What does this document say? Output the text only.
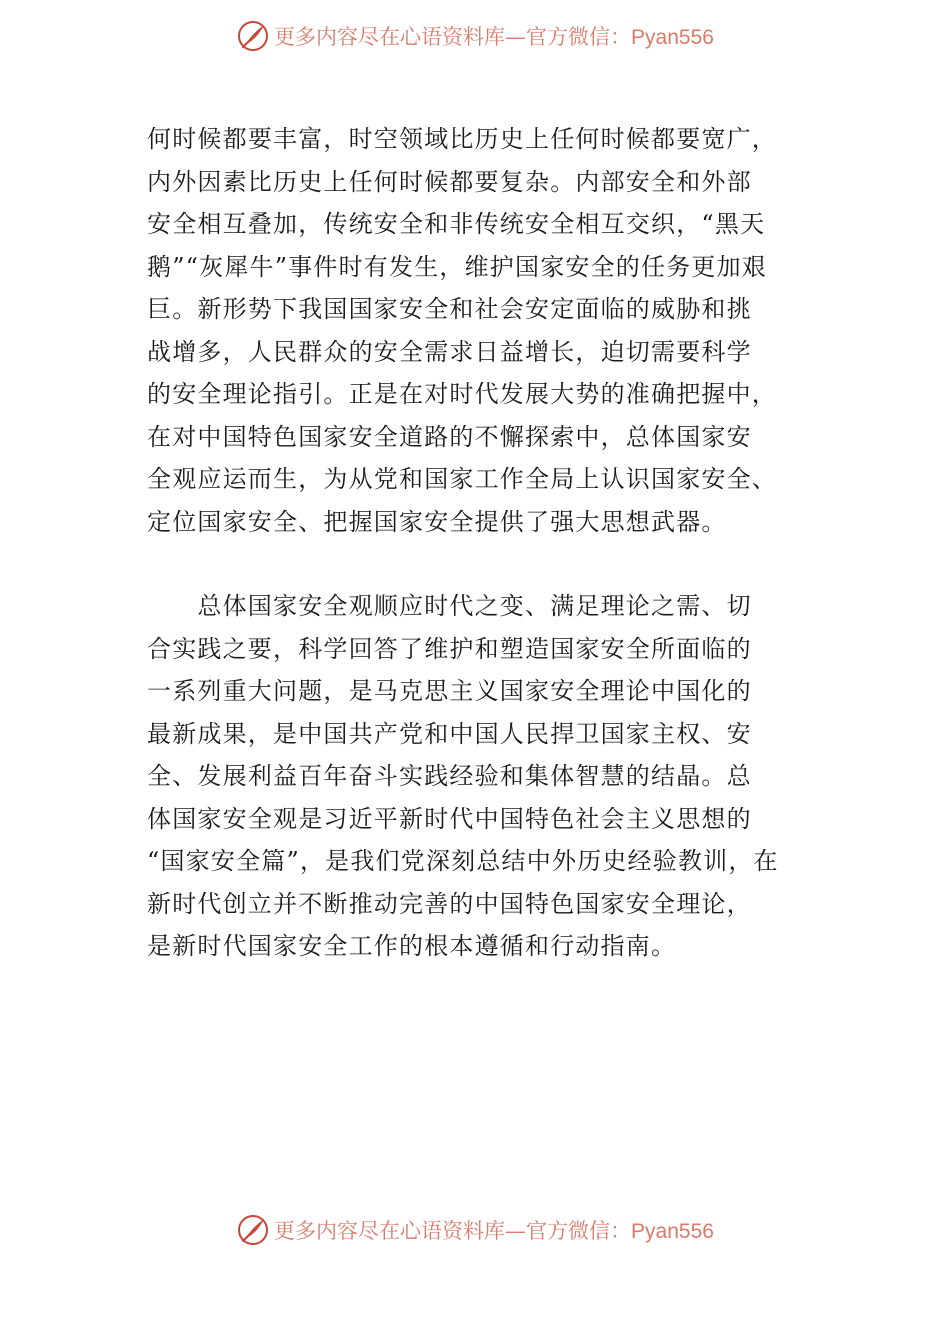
更多内容尽在心语资料库—官方微信：Pyan556
何时候都要丰富，时空领域比历史上任何时候都要宽广，
内外因素比历史上任何时候都要复杂。内部安全和外部
安全相互叠加，传统安全和非传统安全相互交织，“黑天
鹅”“灰犀牛”事件时有发生，维护国家安全的任务更加艰
巨。新形势下我国国家安全和社会安定面临的威胁和挑
战增多，人民群众的安全需求日益增长，迫切需要科学
的安全理论指引。正是在对时代发展大势的准确把握中，
在对中国特色国家安全道路的不懈探索中，总体国家安
全观应运而生，为从党和国家工作全局上认识国家安全、
定位国家安全、把握国家安全提供了强大思想武器。
　　总体国家安全观顺应时代之变、满足理论之需、切
合实践之要，科学回答了维护和塑造国家安全所面临的
一系列重大问题，是马克思主义国家安全理论中国化的
最新成果，是中国共产党和中国人民捍卫国家主权、安
全、发展利益百年奋斗实践经验和集体智慧的结晶。总
体国家安全观是习近平新时代中国特色社会主义思想的
“国家安全篇”，是我们党深刻总结中外历史经验教训，在
新时代创立并不断推动完善的中国特色国家安全理论，
是新时代国家安全工作的根本遵循和行动指南。
更多内容尽在心语资料库—官方微信：Pyan556
